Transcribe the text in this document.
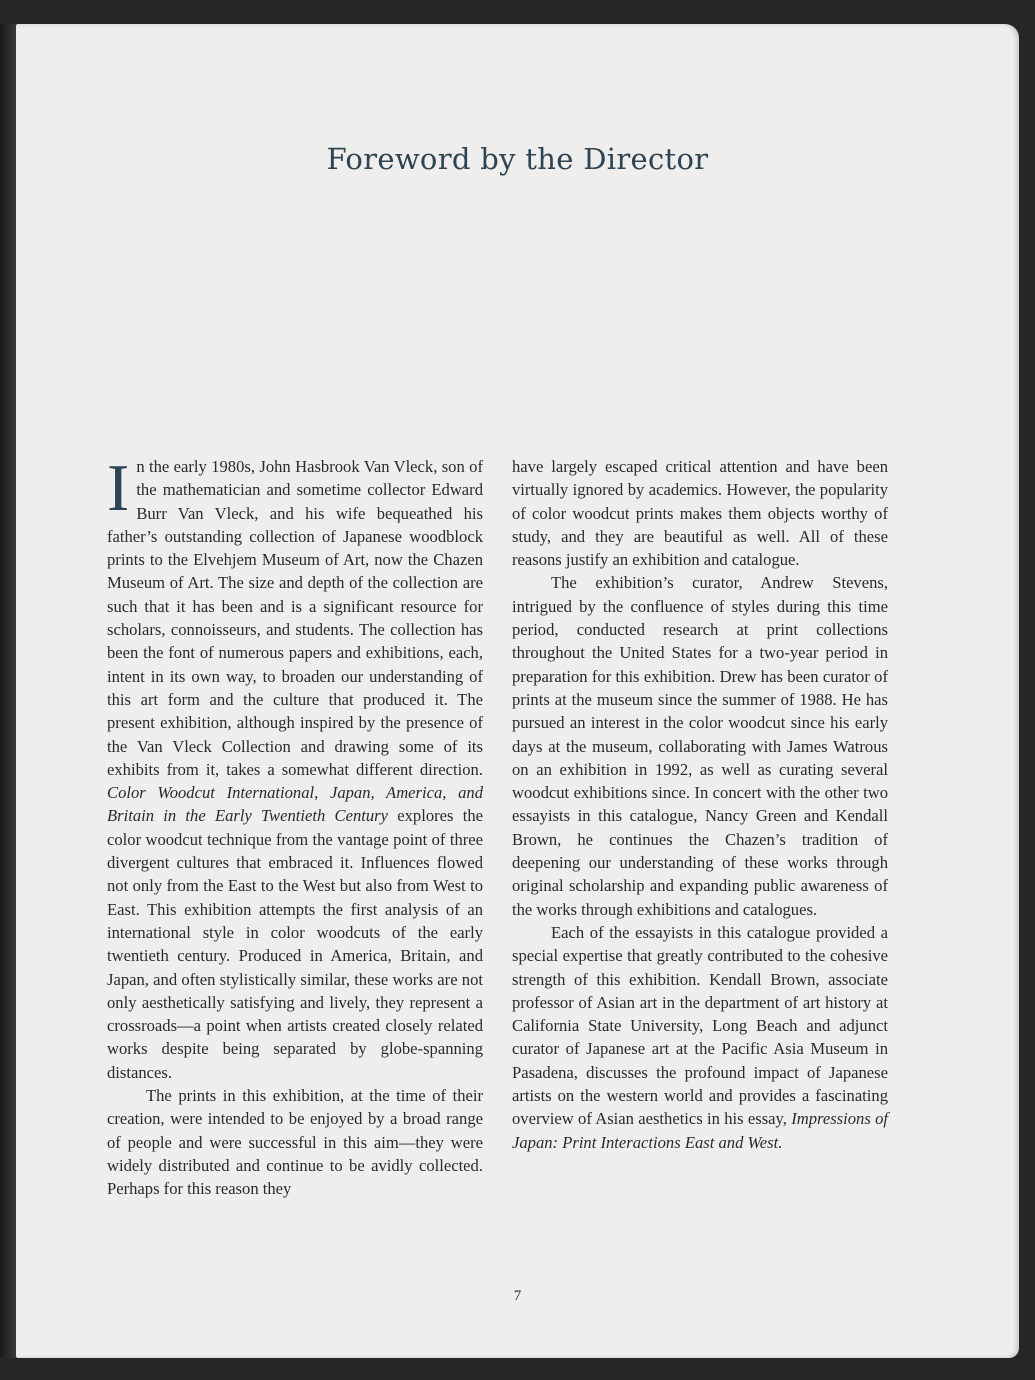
Foreword by the Director

In the early 1980s, John Hasbrook Van Vleck, son of the mathematician and sometime collector Edward Burr Van Vleck, and his wife bequeathed his father’s outstanding collection of Japanese woodblock prints to the Elvehjem Museum of Art, now the Chazen Museum of Art. The size and depth of the collection are such that it has been and is a significant resource for scholars, connoisseurs, and students. The collection has been the font of numerous papers and exhibitions, each, intent in its own way, to broaden our understanding of this art form and the culture that produced it. The present exhibition, although inspired by the presence of the Van Vleck Collection and drawing some of its exhibits from it, takes a somewhat different direction. Color Woodcut International, Japan, America, and Britain in the Early Twentieth Century explores the color woodcut technique from the vantage point of three divergent cultures that embraced it. Influences flowed not only from the East to the West but also from West to East. This exhibition attempts the first analysis of an international style in color woodcuts of the early twentieth century. Produced in America, Britain, and Japan, and often stylistically similar, these works are not only aesthetically satisfying and lively, they represent a crossroads—a point when artists created closely related works despite being separated by globe-spanning distances.

The prints in this exhibition, at the time of their creation, were intended to be enjoyed by a broad range of people and were successful in this aim—they were widely distributed and continue to be avidly collected. Perhaps for this reason they

have largely escaped critical attention and have been virtually ignored by academics. However, the popularity of color woodcut prints makes them objects worthy of study, and they are beautiful as well. All of these reasons justify an exhibition and catalogue.

The exhibition’s curator, Andrew Stevens, intrigued by the confluence of styles during this time period, conducted research at print collections throughout the United States for a two-year period in preparation for this exhibition. Drew has been curator of prints at the museum since the summer of 1988. He has pursued an interest in the color woodcut since his early days at the museum, collaborating with James Watrous on an exhibition in 1992, as well as curating several woodcut exhibitions since. In concert with the other two essayists in this catalogue, Nancy Green and Kendall Brown, he continues the Chazen’s tradition of deepening our understanding of these works through original scholarship and expanding public awareness of the works through exhibitions and catalogues.

Each of the essayists in this catalogue provided a special expertise that greatly contributed to the cohesive strength of this exhibition. Kendall Brown, associate professor of Asian art in the department of art history at California State University, Long Beach and adjunct curator of Japanese art at the Pacific Asia Museum in Pasadena, discusses the profound impact of Japanese artists on the western world and provides a fascinating overview of Asian aesthetics in his essay, Impressions of Japan: Print Interactions East and West.

7
